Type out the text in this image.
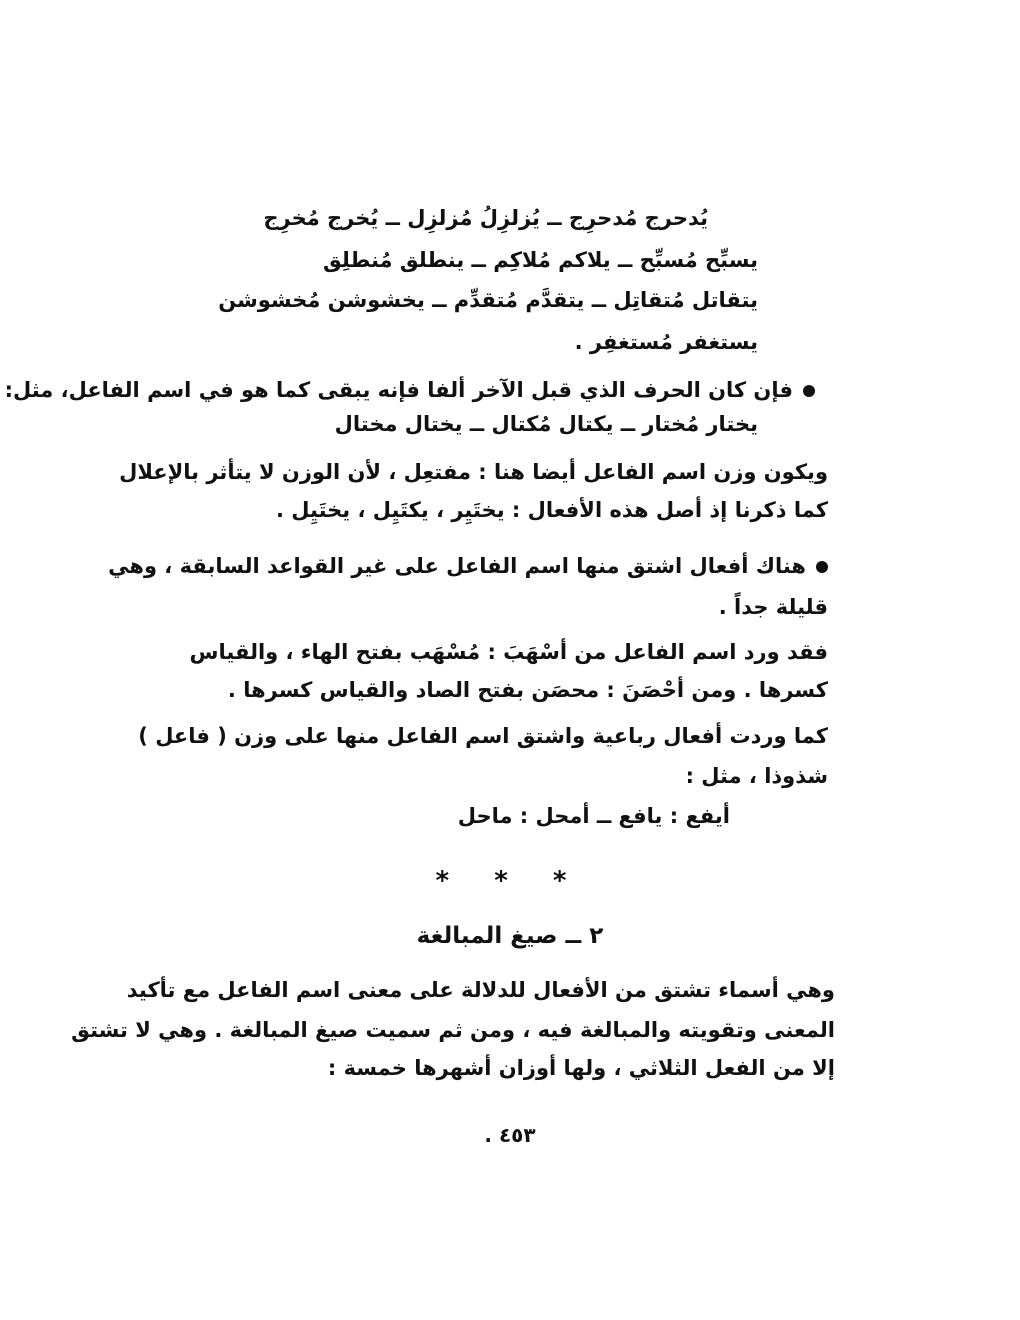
يُدحرج مُدحرِج ــ يُزلزِلُ مُزلزِل ــ يُخرج مُخرِج
يسبِّح مُسبِّح ــ يلاكم مُلاكِم ــ ينطلق مُنطلِق
يتقاتل مُتقاتِل ــ يتقدَّم مُتقدِّم ــ يخشوشن مُخشوشن
يستغفر مُستغفِر .
فإن كان الحرف الذي قبل الآخر ألفا فإنه يبقى كما هو في اسم الفاعل، مثل:
يختار مُختار ــ يكتال مُكتال ــ يختال مختال
ويكون وزن اسم الفاعل أيضا هنا : مفتعِل ، لأن الوزن لا يتأثر بالإعلال
كما ذكرنا إذ أصل هذه الأفعال : يختَيِر ، يكتَيِل ، يختَيِل .
هناك أفعال اشتق منها اسم الفاعل على غير القواعد السابقة ، وهي
قليلة جداً .
فقد ورد اسم الفاعل من أسْهَبَ : مُسْهَب بفتح الهاء ، والقياس
كسرها . ومن أحْصَنَ : محصَن بفتح الصاد والقياس كسرها .
كما وردت أفعال رباعية واشتق اسم الفاعل منها على وزن ( فاعل )
شذوذا ، مثل :
أيفع : يافع ــ أمحل : ماحل
* * *
٢ ــ صيغ المبالغة
وهي أسماء تشتق من الأفعال للدلالة على معنى اسم الفاعل مع تأكيد
المعنى وتقويته والمبالغة فيه ، ومن ثم سميت صيغ المبالغة . وهي لا تشتق
إلا من الفعل الثلاثي ، ولها أوزان أشهرها خمسة :
٤٥٣ .
